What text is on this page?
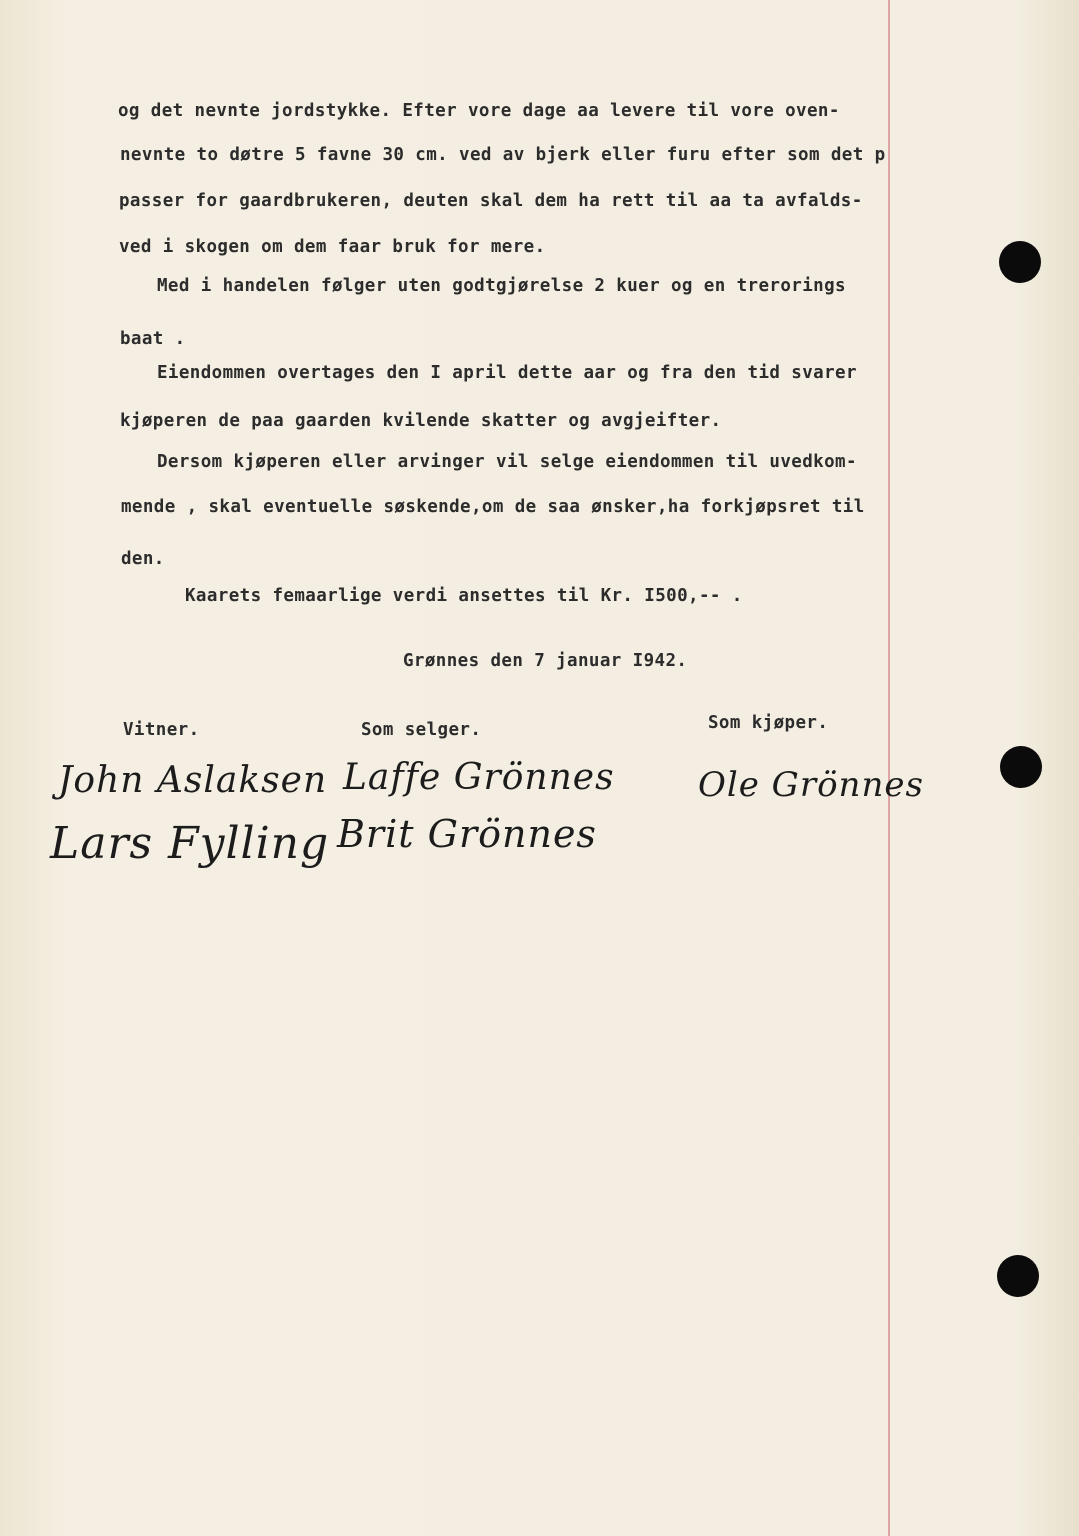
og det nevnte jordstykke. Efter vore dage aa levere til vore oven-
nevnte to døtre 5 favne 30 cm. ved av bjerk eller furu efter som det p
passer for gaardbrukeren, deuten skal dem ha rett til aa ta avfalds-
ved i skogen om dem faar bruk for mere.
Med i handelen følger uten godtgjørelse 2 kuer og en trerorings
baat .
Eiendommen overtages den I april dette aar og fra den tid svarer
kjøperen de paa gaarden kvilende skatter og avgjeifter.
Dersom kjøperen eller arvinger vil selge eiendommen til uvedkom-
mende , skal eventuelle søskende,om de saa ønsker,ha forkjøpsret til
den.
Kaarets femaarlige verdi ansettes til Kr. I500,-- .
Grønnes den 7 januar I942.
Vitner.	Som selger.	Som kjøper.
John Aslaksen
Lars Fylling
Laffe Grönnes
Brit Grönnes
Ole Grönnes
